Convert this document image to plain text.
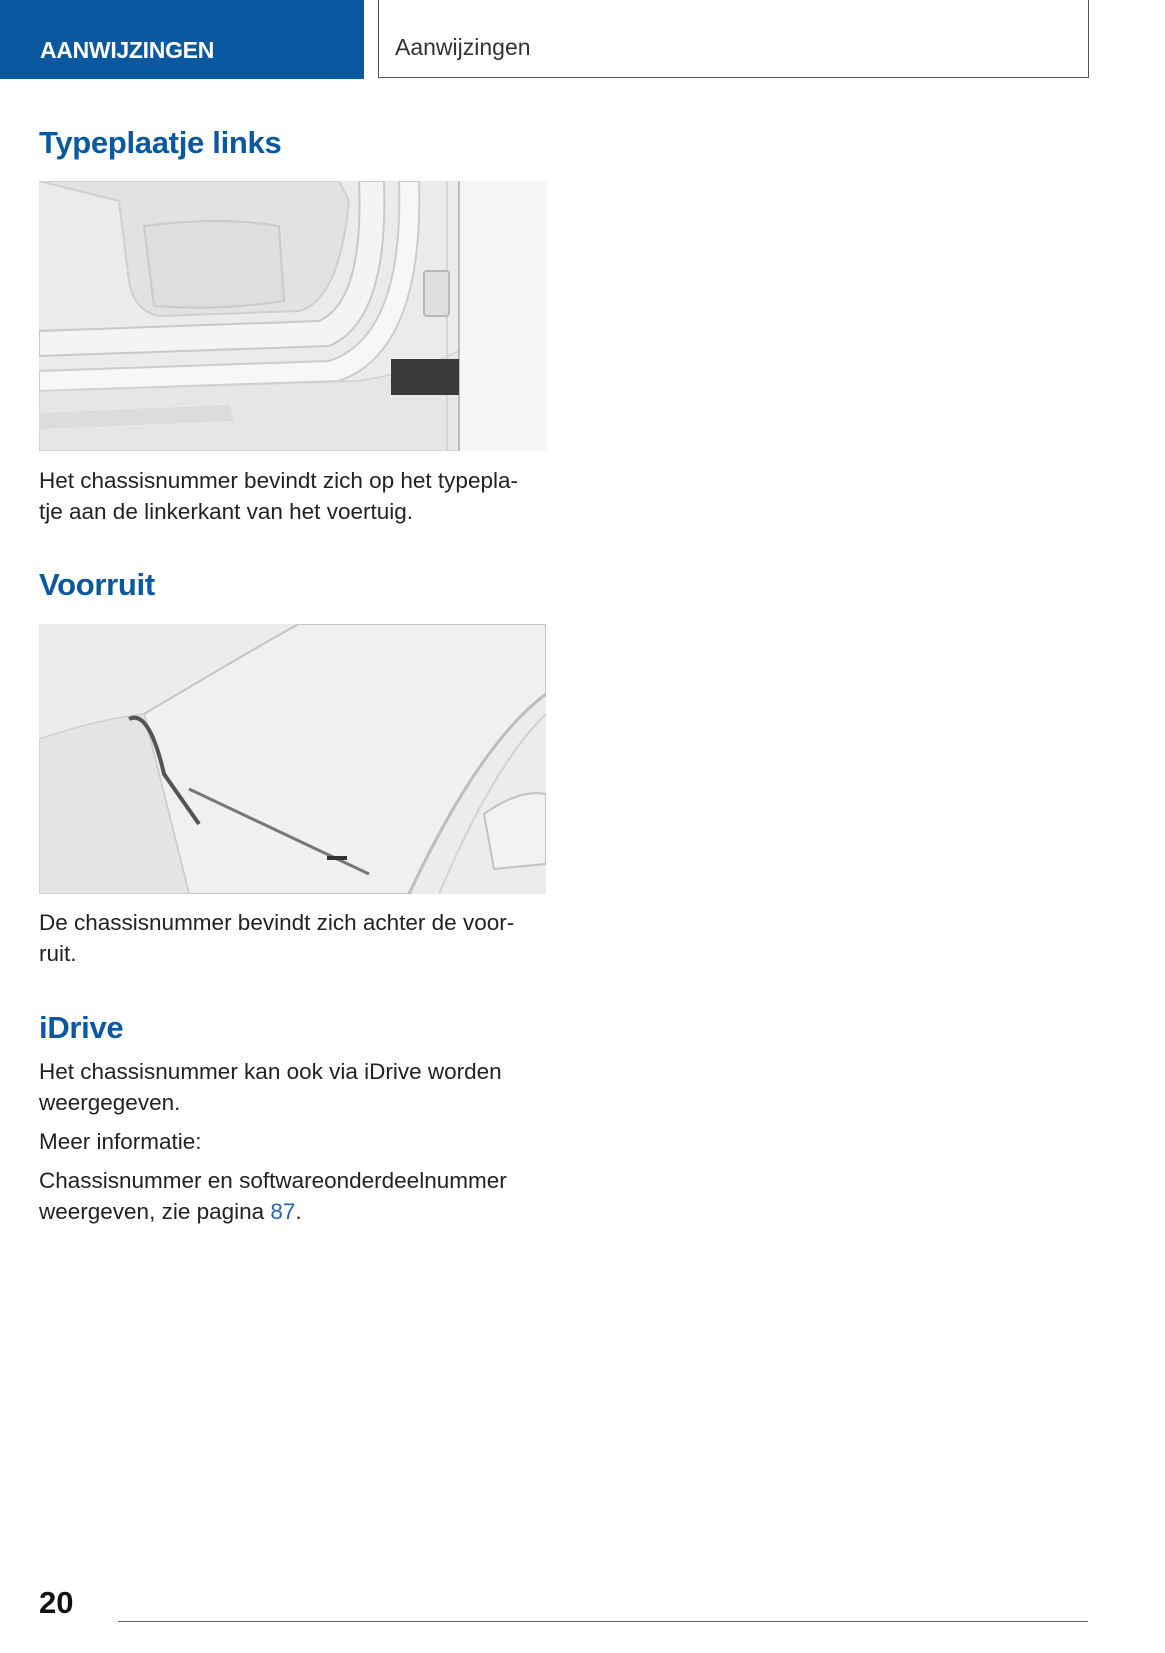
AANWIJZINGEN	Aanwijzingen
Typeplaatje links
Het chassisnummer bevindt zich op het typepla-
tje aan de linkerkant van het voertuig.
Voorruit
De chassisnummer bevindt zich achter de voor-
ruit.
iDrive
Het chassisnummer kan ook via iDrive worden
weergegeven.
Meer informatie:
Chassisnummer en softwareonderdeelnummer
weergeven, zie pagina 87.
20
